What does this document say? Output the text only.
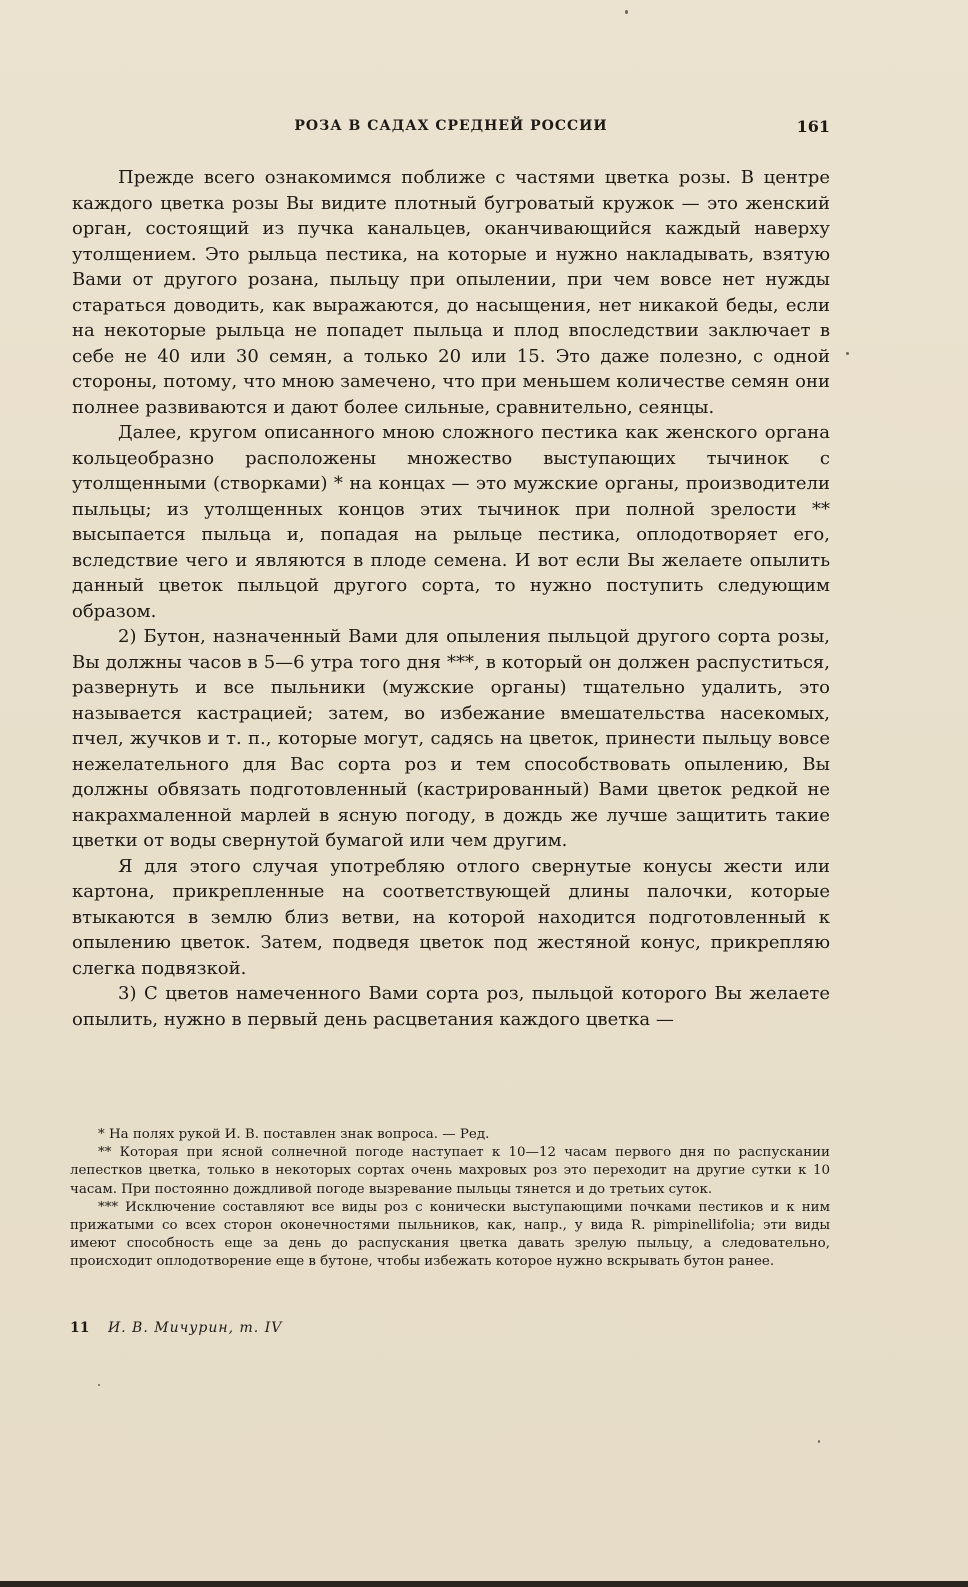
РОЗА В САДАХ СРЕДНЕЙ РОССИИ	161

Прежде всего ознакомимся поближе с частями цветка розы. В центре каждого цветка розы Вы видите плотный бугроватый кружок — это женский орган, состоящий из пучка канальцев, оканчивающийся каждый наверху утолщением. Это рыльца пестика, на которые и нужно накладывать, взятую Вами от другого розана, пыльцу при опылении, при чем вовсе нет нужды стараться доводить, как выражаются, до насыщения, нет никакой беды, если на некоторые рыльца не попадет пыльца и плод впоследствии заключает в себе не 40 или 30 семян, а только 20 или 15. Это даже полезно, с одной стороны, потому, что мною замечено, что при меньшем количестве семян они полнее развиваются и дают более сильные, сравнительно, сеянцы.

Далее, кругом описанного мною сложного пестика как женского органа кольцеобразно расположены множество выступающих тычинок с утолщенными (створками) * на концах — это мужские органы, производители пыльцы; из утолщенных концов этих тычинок при полной зрелости ** высыпается пыльца и, попадая на рыльце пестика, оплодотворяет его, вследствие чего и являются в плоде семена. И вот если Вы желаете опылить данный цветок пыльцой другого сорта, то нужно поступить следующим образом.

2) Бутон, назначенный Вами для опыления пыльцой другого сорта розы, Вы должны часов в 5—6 утра того дня ***, в который он должен распуститься, развернуть и все пыльники (мужские органы) тщательно удалить, это называется кастрацией; затем, во избежание вмешательства насекомых, пчел, жучков и т. п., которые могут, садясь на цветок, принести пыльцу вовсе нежелательного для Вас сорта роз и тем способствовать опылению, Вы должны обвязать подготовленный (кастрированный) Вами цветок редкой не накрахмаленной марлей в ясную погоду, в дождь же лучше защитить такие цветки от воды свернутой бумагой или чем другим.

Я для этого случая употребляю отлого свернутые конусы жести или картона, прикрепленные на соответствующей длины палочки, которые втыкаются в землю близ ветви, на которой находится подготовленный к опылению цветок. Затем, подведя цветок под жестяной конус, прикрепляю слегка подвязкой.

3) С цветов намеченного Вами сорта роз, пыльцой которого Вы желаете опылить, нужно в первый день расцветания каждого цветка —

* На полях рукой И. В. поставлен знак вопроса. — Ред.

** Которая при ясной солнечной погоде наступает к 10—12 часам первого дня по распускании лепестков цветка, только в некоторых сортах очень махровых роз это переходит на другие сутки к 10 часам. При постоянно дождливой погоде вызревание пыльцы тянется и до третьих суток.

*** Исключение составляют все виды роз с конически выступающими почками пестиков и к ним прижатыми со всех сторон оконечностями пыльников, как, напр., у вида R. pimpinellifolia; эти виды имеют способность еще за день до распускания цветка давать зрелую пыльцу, а следовательно, происходит оплодотворение еще в бутоне, чтобы избежать которое нужно вскрывать бутон ранее.

11 И. В. Мичурин, т. IV
